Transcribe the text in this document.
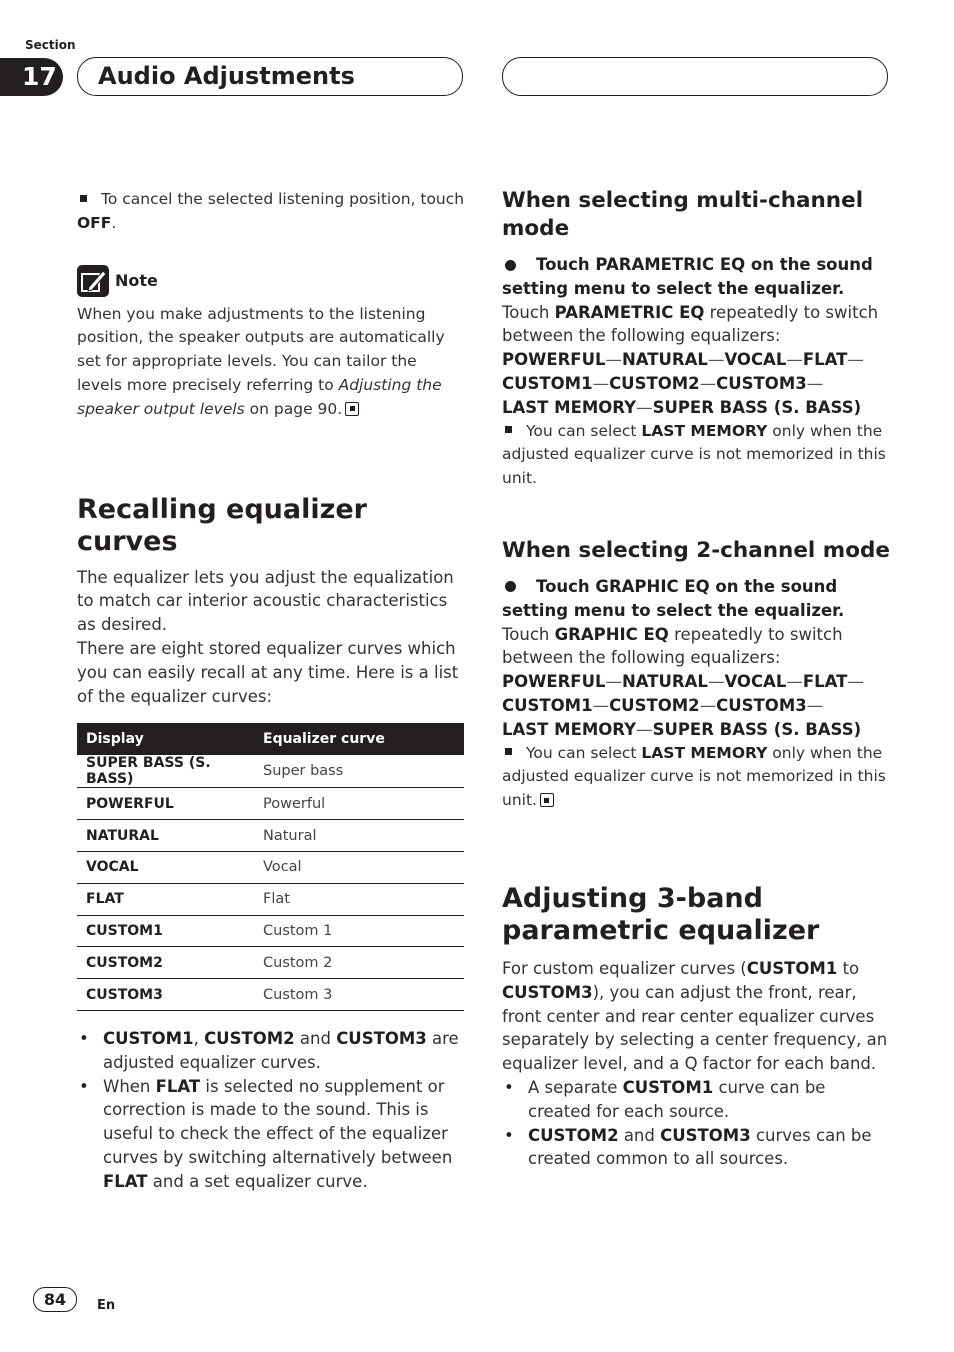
Section
17	Audio Adjustments
To cancel the selected listening position, touch OFF.
Note
When you make adjustments to the listening position, the speaker outputs are automatically set for appropriate levels. You can tailor the levels more precisely referring to Adjusting the speaker output levels on page 90.
Recalling equalizer curves
The equalizer lets you adjust the equalization to match car interior acoustic characteristics as desired.
There are eight stored equalizer curves which you can easily recall at any time. Here is a list of the equalizer curves:
Display	Equalizer curve
SUPER BASS (S. BASS)	Super bass
POWERFUL	Powerful
NATURAL	Natural
VOCAL	Vocal
FLAT	Flat
CUSTOM1	Custom 1
CUSTOM2	Custom 2
CUSTOM3	Custom 3
• CUSTOM1, CUSTOM2 and CUSTOM3 are adjusted equalizer curves.
• When FLAT is selected no supplement or correction is made to the sound. This is useful to check the effect of the equalizer curves by switching alternatively between FLAT and a set equalizer curve.
When selecting multi-channel mode
Touch PARAMETRIC EQ on the sound setting menu to select the equalizer.
Touch PARAMETRIC EQ repeatedly to switch between the following equalizers:
POWERFUL—NATURAL—VOCAL—FLAT—
CUSTOM1—CUSTOM2—CUSTOM3—
LAST MEMORY—SUPER BASS (S. BASS)
You can select LAST MEMORY only when the adjusted equalizer curve is not memorized in this unit.
When selecting 2-channel mode
Touch GRAPHIC EQ on the sound setting menu to select the equalizer.
Touch GRAPHIC EQ repeatedly to switch between the following equalizers:
POWERFUL—NATURAL—VOCAL—FLAT—
CUSTOM1—CUSTOM2—CUSTOM3—
LAST MEMORY—SUPER BASS (S. BASS)
You can select LAST MEMORY only when the adjusted equalizer curve is not memorized in this unit.
Adjusting 3-band parametric equalizer
For custom equalizer curves (CUSTOM1 to CUSTOM3), you can adjust the front, rear, front center and rear center equalizer curves separately by selecting a center frequency, an equalizer level, and a Q factor for each band.
• A separate CUSTOM1 curve can be created for each source.
• CUSTOM2 and CUSTOM3 curves can be created common to all sources.
84	En
